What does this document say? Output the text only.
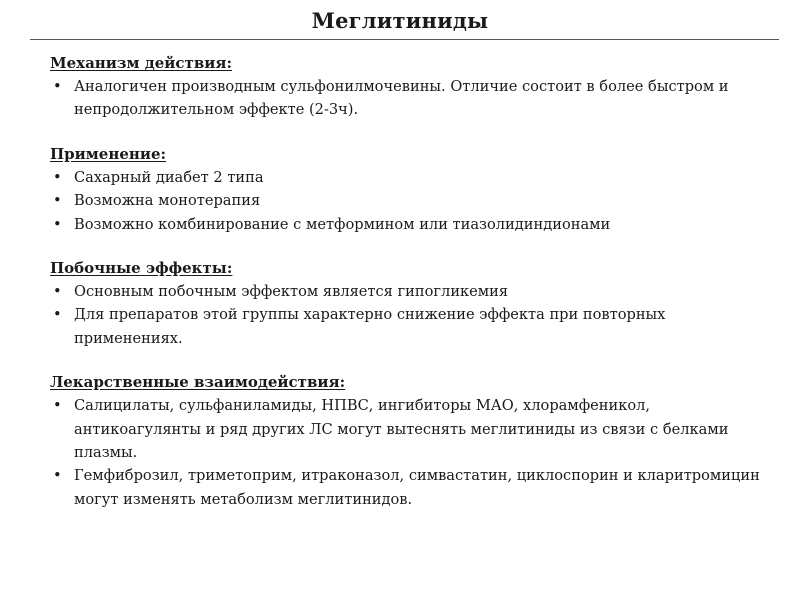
Меглитиниды
Механизм действия:
• Аналогичен производным сульфонилмочевины. Отличие состоит в более быстром и непродолжительном эффекте (2-3ч).
Применение:
• Сахарный диабет 2 типа
• Возможна монотерапия
• Возможно комбинирование с метформином или тиазолидиндионами
Побочные эффекты:
• Основным побочным эффектом является гипогликемия
• Для препаратов этой группы характерно снижение эффекта при повторных применениях.
Лекарственные взаимодействия:
• Салицилаты, сульфаниламиды, НПВС, ингибиторы МАО, хлорамфеникол, антикоагулянты и ряд других ЛС могут вытеснять меглитиниды из связи с белками плазмы.
• Гемфиброзил, триметоприм, итраконазол, симвастатин, циклоспорин и кларитромицин могут изменять метаболизм меглитинидов.
